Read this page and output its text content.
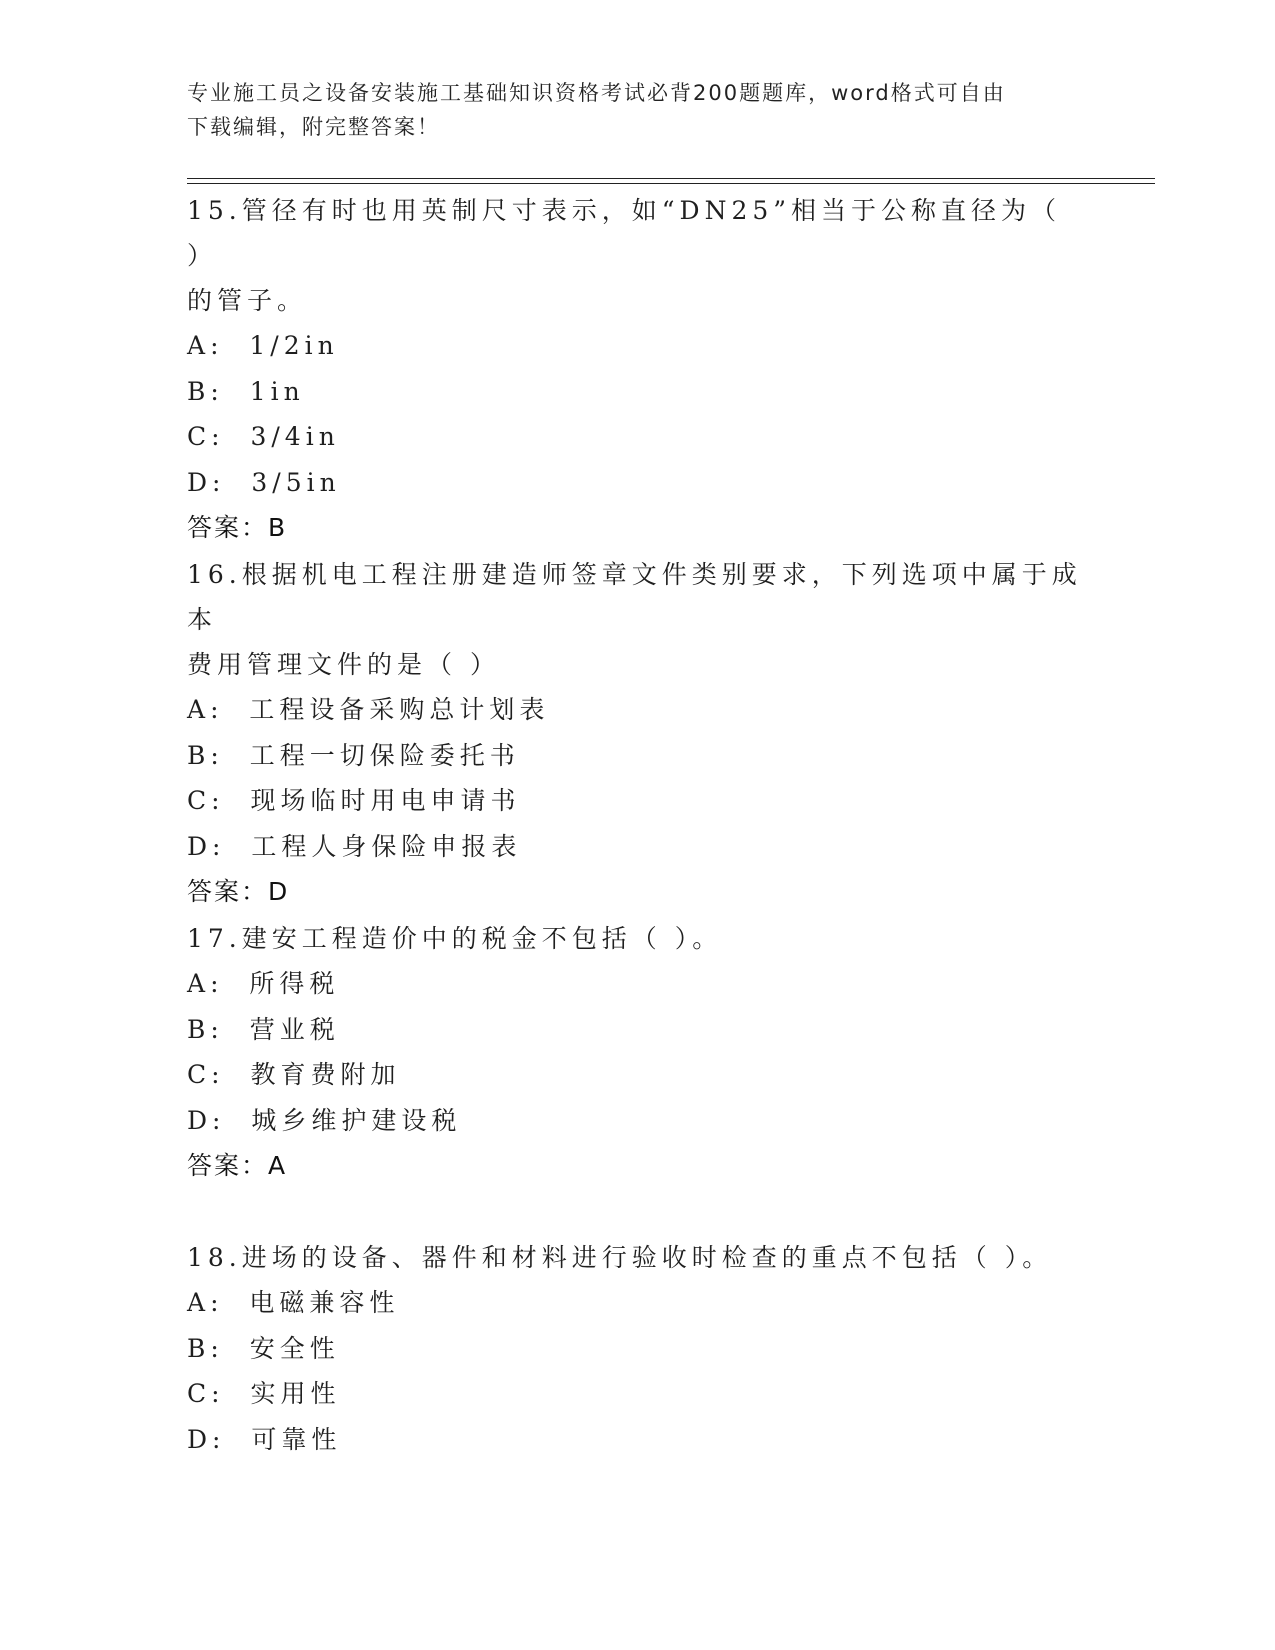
专业施工员之设备安装施工基础知识资格考试必背200题题库，word格式可自由
下载编辑，附完整答案！
15.管径有时也用英制尺寸表示，如“DN25”相当于公称直径为（ ）
的管子。
A : 1/2in
B : 1in
C : 3/4in
D : 3/5in
答案：B
16.根据机电工程注册建造师签章文件类别要求，下列选项中属于成本
费用管理文件的是（ ）
A : 工程设备采购总计划表
B : 工程一切保险委托书
C : 现场临时用电申请书
D : 工程人身保险申报表
答案：D
17.建安工程造价中的税金不包括（ ）。
A : 所得税
B : 营业税
C : 教育费附加
D : 城乡维护建设税
答案：A
18.进场的设备、器件和材料进行验收时检查的重点不包括（ ）。
A : 电磁兼容性
B : 安全性
C : 实用性
D : 可靠性
